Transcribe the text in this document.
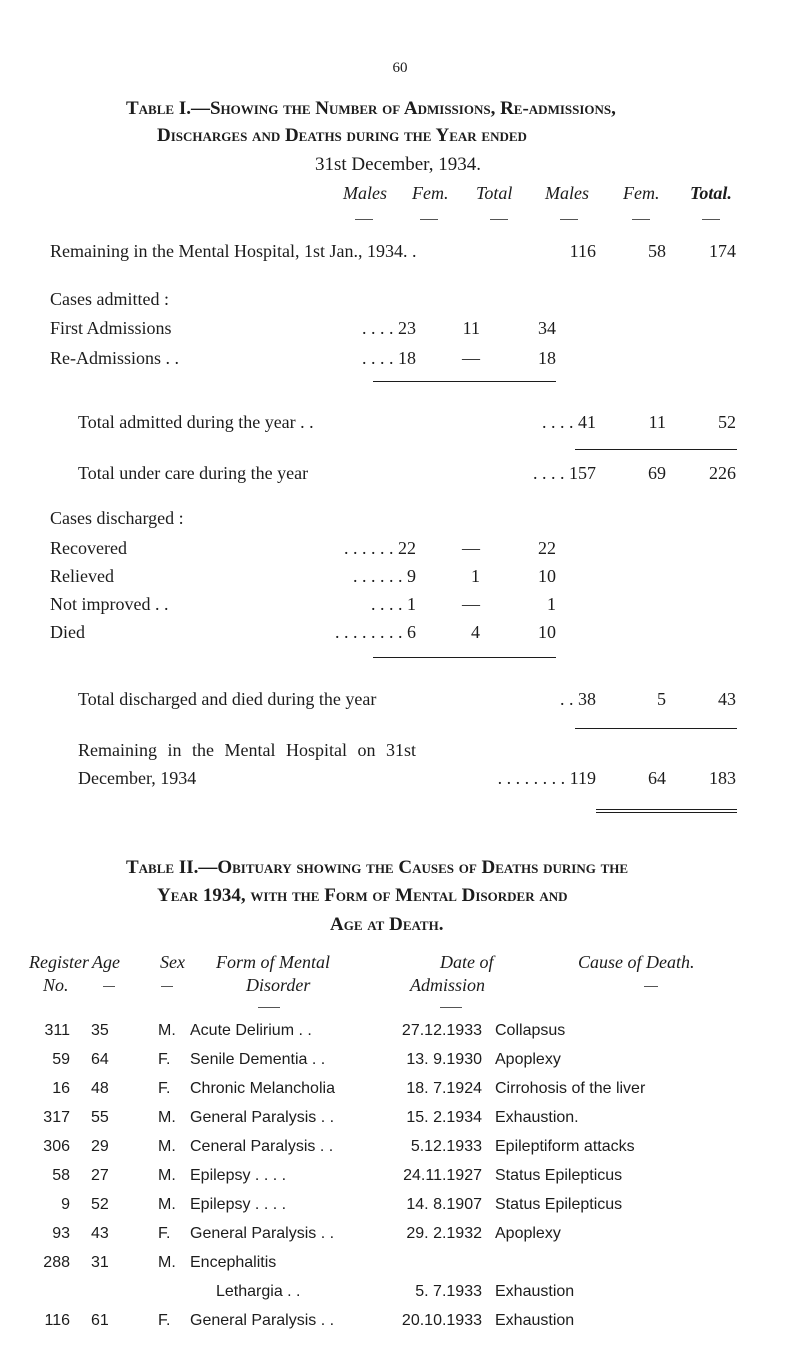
60
Table I.—Showing the Number of Admissions, Re-admissions,
Discharges and Deaths during the Year ended
31st December, 1934.
Males Fem. Total Males Fem. Total.
Remaining in the Mental Hospital, 1st Jan., 1934. .	116	58	174
Cases admitted :
First Admissions	. . . . 23	11	34
Re-Admissions . .	. . . . 18	—	18
Total admitted during the year . .	. . . . 41	11	52
Total under care during the year	. . . . 157	69	226
Cases discharged :
Recovered	. . . . . . 22	—	22
Relieved	. . . . . . 9	1	10
Not improved . .	. . . . 1	—	1
Died	. . . . . . . . 6	4	10
Total discharged and died during the year	. . 38	5	43
Remaining in the Mental Hospital on 31st
December, 1934	. . . . . . . . 119	64	183
Table II.—Obituary showing the Causes of Deaths during the
Year 1934, with the Form of Mental Disorder and
Age at Death.
Register
No.
Age Sex Form of Mental
Disorder
Date of
Admission
Cause of Death.
311 35	M. Acute Delirium . .	27.12.1933 Collapsus
59 64	F. Senile Dementia . .	13. 9.1930 Apoplexy
16 48	F. Chronic Melancholia	18. 7.1924 Cirrohosis of the liver
317 55	M. General Paralysis . .	15. 2.1934 Exhaustion.
306 29	M. Ceneral Paralysis . .	5.12.1933 Epileptiform attacks
58 27	M. Epilepsy . . . .	24.11.1927 Status Epilepticus
9 52	M. Epilepsy . . . .	14. 8.1907 Status Epilepticus
93 43	F. General Paralysis . .	29. 2.1932 Apoplexy
288 31	M. Encephalitis
Lethargia . .	5. 7.1933 Exhaustion
116 61	F. General Paralysis . .	20.10.1933 Exhaustion
